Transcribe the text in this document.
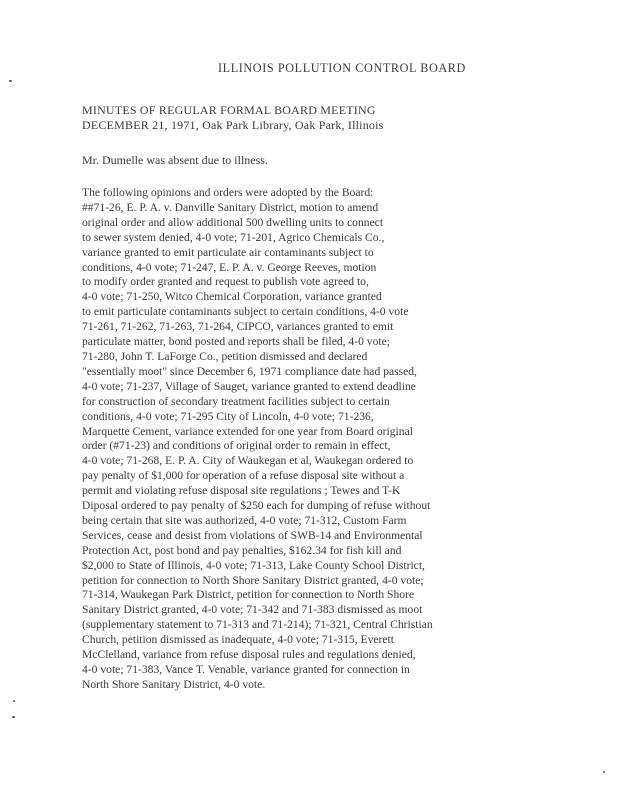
ILLINOIS POLLUTION CONTROL BOARD
MINUTES OF REGULAR FORMAL BOARD MEETING
DECEMBER 21, 1971, Oak Park Library, Oak Park, Illinois

Mr. Dumelle was absent due to illness.

The following opinions and orders were adopted by the Board:
##71-26, E. P. A. v. Danville Sanitary District, motion to amend
original order and allow additional 500 dwelling units to connect
to sewer system denied, 4-0 vote; 71-201, Agrico Chemicals Co.,
variance granted to emit particulate air contaminants subject to
conditions, 4-0 vote; 71-247, E. P. A. v. George Reeves, motion
to modify order granted and request to publish vote agreed to,
4-0 vote; 71-250, Witco Chemical Corporation, variance granted
to emit particulate contaminants subject to certain conditions, 4-0 vote
71-261, 71-262, 71-263, 71-264, CIPCO, variances granted to emit
particulate matter, bond posted and reports shall be filed, 4-0 vote;
71-280, John T. LaForge Co., petition dismissed and declared
"essentially moot" since December 6, 1971 compliance date had passed,
4-0 vote; 71-237, Village of Sauget, variance granted to extend deadline
for construction of secondary treatment facilities subject to certain
conditions, 4-0 vote; 71-295 City of Lincoln, 4-0 vote; 71-236,
Marquette Cement, variance extended for one year from Board original
order (#71-23) and conditions of original order to remain in effect,
4-0 vote; 71-268, E. P. A. City of Waukegan et al, Waukegan ordered to
pay penalty of $1,000 for operation of a refuse disposal site without a
permit and violating refuse disposal site regulations ; Tewes and T-K
Diposal ordered to pay penalty of $250 each for dumping of refuse without
being certain that site was authorized, 4-0 vote; 71-312, Custom Farm
Services, cease and desist from violations of SWB-14 and Environmental
Protection Act, post bond and pay penalties, $162.34 for fish kill and
$2,000 to State of Illinois, 4-0 vote; 71-313, Lake County School District,
petition for connection to North Shore Sanitary District granted, 4-0 vote;
71-314, Waukegan Park District, petition for connection to North Shore
Sanitary District granted, 4-0 vote; 71-342 and 71-383 dismissed as moot
(supplementary statement to 71-313 and 71-214); 71-321, Central Christian
Church, petition dismissed as inadequate, 4-0 vote; 71-315, Everett
McClelland, variance from refuse disposal rules and regulations denied,
4-0 vote; 71-383, Vance T. Venable, variance granted for connection in
North Shore Sanitary District, 4-0 vote.
